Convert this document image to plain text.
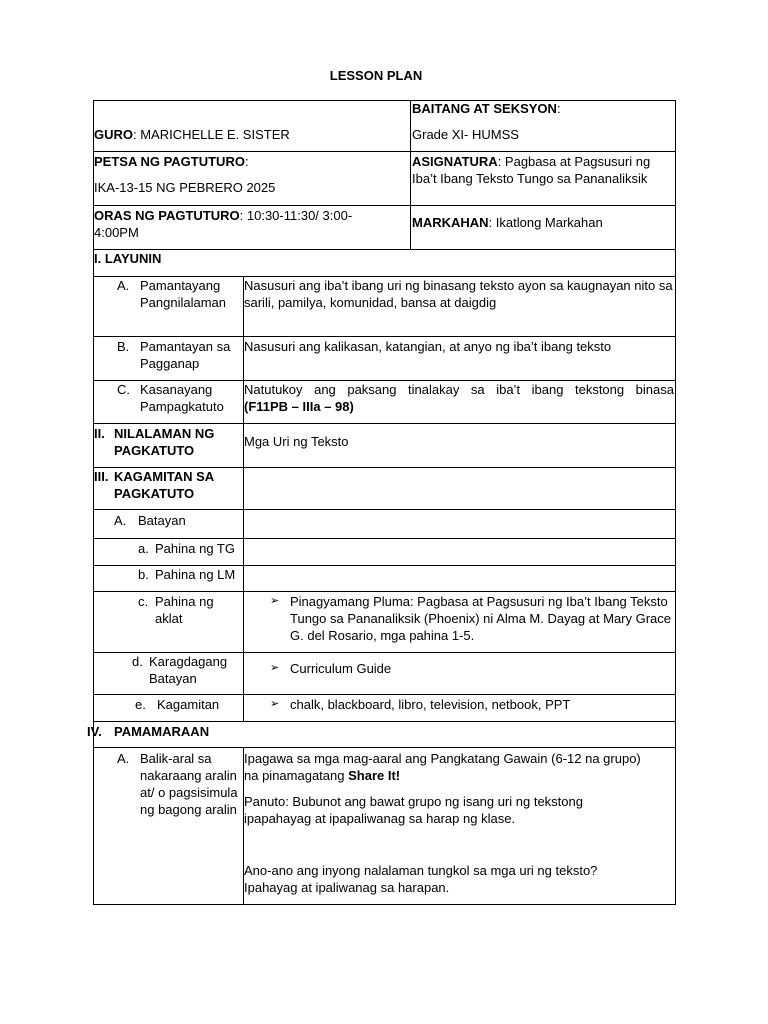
LESSON PLAN
GURO: MARICHELLE E. SISTER
BAITANG AT SEKSYON:
Grade XI- HUMSS
PETSA NG PAGTUTURO:
IKA-13-15 NG PEBRERO 2025
ASIGNATURA: Pagbasa at Pagsusuri ng Iba’t Ibang Teksto Tungo sa Pananaliksik
ORAS NG PAGTUTURO: 10:30-11:30/ 3:00-4:00PM
MARKAHAN: Ikatlong Markahan
I. LAYUNIN
A. Pamantayang Pangnilalaman
Nasusuri ang iba’t ibang uri ng binasang teksto ayon sa kaugnayan nito sa sarili, pamilya, komunidad, bansa at daigdig
B. Pamantayan sa Pagganap
Nasusuri ang kalikasan, katangian, at anyo ng iba’t ibang teksto
C. Kasanayang Pampagkatuto
Natutukoy ang paksang tinalakay sa iba’t ibang tekstong binasa
(F11PB – IIIa – 98)
II. NILALAMAN NG PAGKATUTO
Mga Uri ng Teksto
III. KAGAMITAN SA PAGKATUTO
A. Batayan
a. Pahina ng TG
b. Pahina ng LM
c. Pahina ng aklat
➢ Pinagyamang Pluma: Pagbasa at Pagsusuri ng Iba’t Ibang Teksto Tungo sa Pananaliksik (Phoenix) ni Alma M. Dayag at Mary Grace G. del Rosario, mga pahina 1-5.
d. Karagdagang Batayan
➢ Curriculum Guide
e. Kagamitan	➢ chalk, blackboard, libro, television, netbook, PPT
IV. PAMAMARAAN
A. Balik-aral sa nakaraang aralin at/ o pagsisimula ng bagong aralin
Ipagawa sa mga mag-aaral ang Pangkatang Gawain (6-12 na grupo) na pinamagatang Share It!
Panuto: Bubunot ang bawat grupo ng isang uri ng tekstong ipapahayag at ipapaliwanag sa harap ng klase.
Ano-ano ang inyong nalalaman tungkol sa mga uri ng teksto? Ipahayag at ipaliwanag sa harapan.
